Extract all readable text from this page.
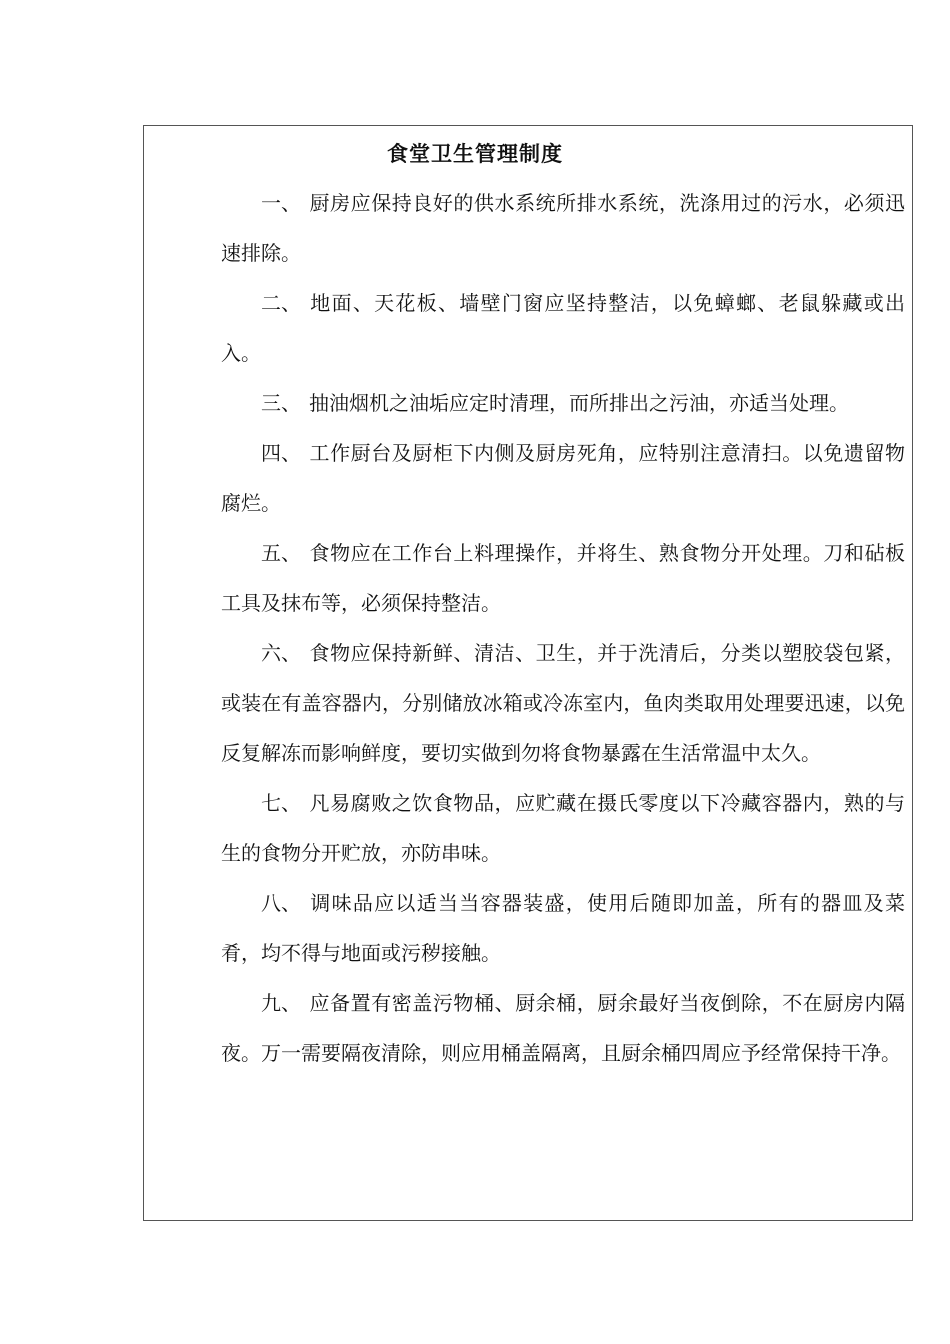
食堂卫生管理制度
一、 厨房应保持良好的供水系统所排水系统，洗涤用过的污水，必须迅速排除。
二、 地面、天花板、墙壁门窗应坚持整洁，以免蟑螂、老鼠躲藏或出入。
三、 抽油烟机之油垢应定时清理，而所排出之污油，亦适当处理。
四、 工作厨台及厨柜下内侧及厨房死角，应特别注意清扫。以免遗留物腐烂。
五、 食物应在工作台上料理操作，并将生、熟食物分开处理。刀和砧板工具及抹布等，必须保持整洁。
六、 食物应保持新鲜、清洁、卫生，并于洗清后，分类以塑胶袋包紧，或装在有盖容器内，分别储放冰箱或冷冻室内，鱼肉类取用处理要迅速，以免反复解冻而影响鲜度，要切实做到勿将食物暴露在生活常温中太久。
七、 凡易腐败之饮食物品，应贮藏在摄氏零度以下冷藏容器内，熟的与生的食物分开贮放，亦防串味。
八、 调味品应以适当当容器装盛，使用后随即加盖，所有的器皿及菜肴，均不得与地面或污秽接触。
九、 应备置有密盖污物桶、厨余桶，厨余最好当夜倒除，不在厨房内隔夜。万一需要隔夜清除，则应用桶盖隔离，且厨余桶四周应予经常保持干净。
